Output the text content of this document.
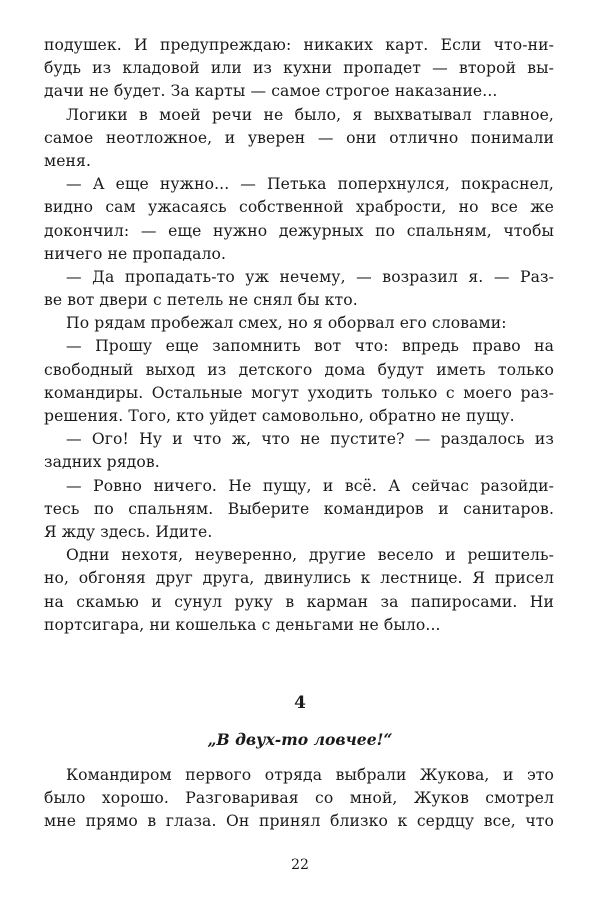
подушек. И предупреждаю: никаких карт. Если что-ни-
будь из кладовой или из кухни пропадет — второй вы-
дачи не будет. За карты — самое строгое наказание...
Логики в моей речи не было, я выхватывал главное,
самое неотложное, и уверен — они отлично понимали
меня.
— А еще нужно... — Петька поперхнулся, покраснел,
видно сам ужасаясь собственной храбрости, но все же
докончил: — еще нужно дежурных по спальням, чтобы
ничего не пропадало.
— Да пропадать-то уж нечему, — возразил я. — Раз-
ве вот двери с петель не снял бы кто.
По рядам пробежал смех, но я оборвал его словами:
— Прошу еще запомнить вот что: впредь право на
свободный выход из детского дома будут иметь только
командиры. Остальные могут уходить только с моего раз-
решения. Того, кто уйдет самовольно, обратно не пущу.
— Ого! Ну и что ж, что не пустите? — раздалось из
задних рядов.
— Ровно ничего. Не пущу, и всё. А сейчас разойди-
тесь по спальням. Выберите командиров и санитаров.
Я жду здесь. Идите.
Одни нехотя, неуверенно, другие весело и решитель-
но, обгоняя друг друга, двинулись к лестнице. Я присел
на скамью и сунул руку в карман за папиросами. Ни
портсигара, ни кошелька с деньгами не было...
4
„В двух-то ловчее!“
Командиром первого отряда выбрали Жукова, и это
было хорошо. Разговаривая со мной, Жуков смотрел
мне прямо в глаза. Он принял близко к сердцу все, что
22
